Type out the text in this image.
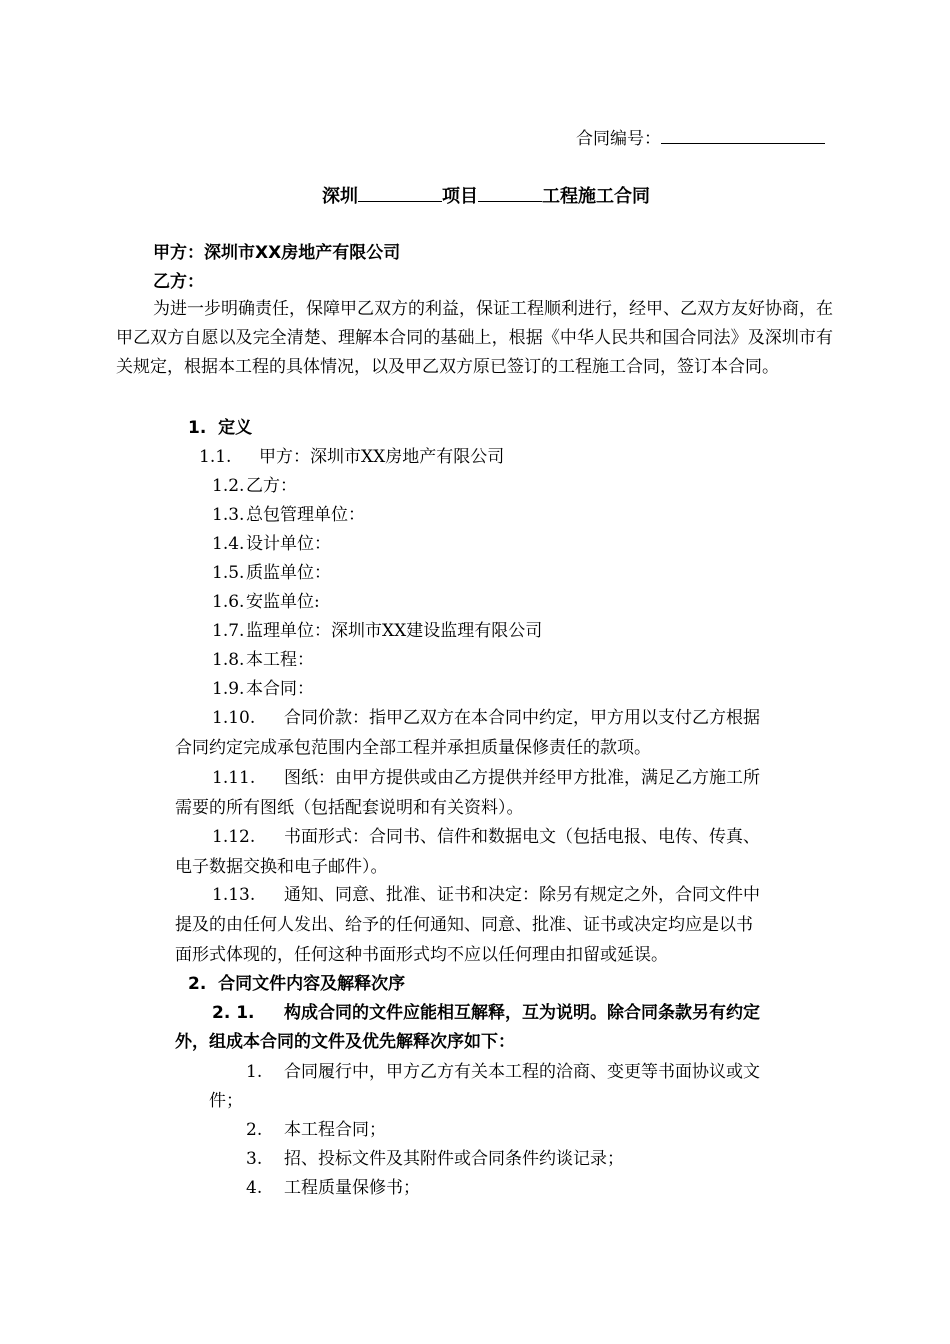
合同编号：
深圳	项目	工程施工合同
甲方：深圳市XX房地产有限公司
乙方：
为进一步明确责任，保障甲乙双方的利益，保证工程顺利进行，经甲、乙双方友好协商，在甲乙双方自愿以及完全清楚、理解本合同的基础上，根据《中华人民共和国合同法》及深圳市有关规定，根据本工程的具体情况，以及甲乙双方原已签订的工程施工合同，签订本合同。
1. 定义
1.1. 甲方：深圳市XX房地产有限公司
1.2.乙方：
1.3.总包管理单位：
1.4.设计单位：
1.5.质监单位：
1.6.安监单位:
1.7.监理单位：深圳市XX建设监理有限公司
1.8.本工程：
1.9.本合同：
1.10. 合同价款：指甲乙双方在本合同中约定，甲方用以支付乙方根据
合同约定完成承包范围内全部工程并承担质量保修责任的款项。
1.11. 图纸：由甲方提供或由乙方提供并经甲方批准，满足乙方施工所
需要的所有图纸（包括配套说明和有关资料）。
1.12. 书面形式：合同书、信件和数据电文（包括电报、电传、传真、
电子数据交换和电子邮件）。
1.13. 通知、同意、批准、证书和决定：除另有规定之外，合同文件中
提及的由任何人发出、给予的任何通知、同意、批准、证书或决定均应是以书
面形式体现的，任何这种书面形式均不应以任何理由扣留或延误。
2. 合同文件内容及解释次序
2. 1. 构成合同的文件应能相互解释，互为说明。除合同条款另有约定
外，组成本合同的文件及优先解释次序如下：
1. 合同履行中，甲方乙方有关本工程的洽商、变更等书面协议或文
件；
2. 本工程合同；
3. 招、投标文件及其附件或合同条件约谈记录；
4. 工程质量保修书；
